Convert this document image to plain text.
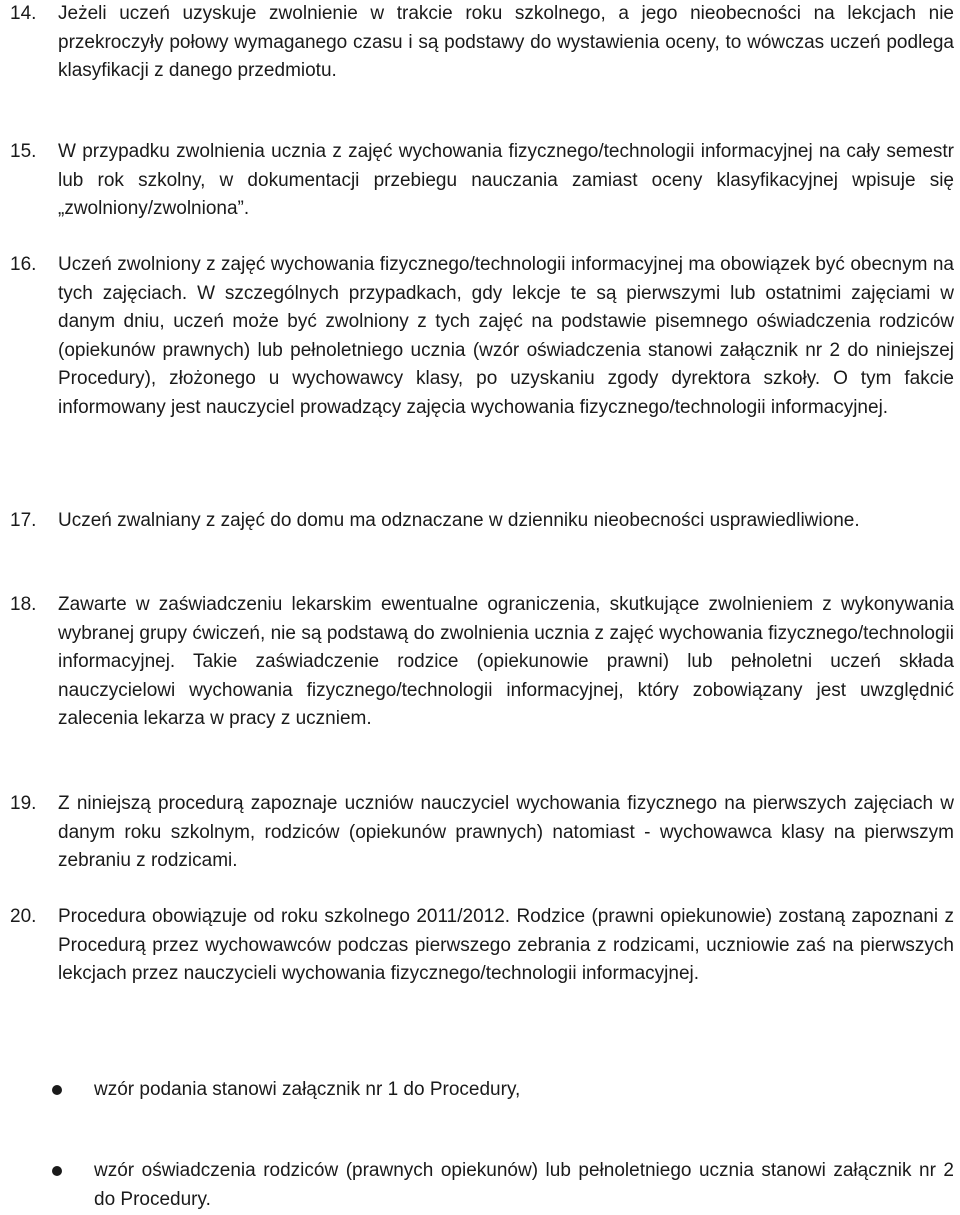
14. Jeżeli uczeń uzyskuje zwolnienie w trakcie roku szkolnego, a jego nieobecności na lekcjach nie przekroczyły połowy wymaganego czasu i są podstawy do wystawienia oceny, to wówczas uczeń podlega klasyfikacji z danego przedmiotu.

15. W przypadku zwolnienia ucznia z zajęć wychowania fizycznego/technologii informacyjnej na cały semestr lub rok szkolny, w dokumentacji przebiegu nauczania zamiast oceny klasyfikacyjnej wpisuje się „zwolniony/zwolniona”.

16. Uczeń zwolniony z zajęć wychowania fizycznego/technologii informacyjnej ma obowiązek być obecnym na tych zajęciach. W szczególnych przypadkach, gdy lekcje te są pierwszymi lub ostatnimi zajęciami w danym dniu, uczeń może być zwolniony z tych zajęć na podstawie pisemnego oświadczenia rodziców (opiekunów prawnych) lub pełnoletniego ucznia (wzór oświadczenia stanowi załącznik nr 2 do niniejszej Procedury), złożonego u wychowawcy klasy, po uzyskaniu zgody dyrektora szkoły. O tym fakcie informowany jest nauczyciel prowadzący zajęcia wychowania fizycznego/technologii informacyjnej.

17. Uczeń zwalniany z zajęć do domu ma odznaczane w dzienniku nieobecności usprawiedliwione.

18. Zawarte w zaświadczeniu lekarskim ewentualne ograniczenia, skutkujące zwolnieniem z wykonywania wybranej grupy ćwiczeń, nie są podstawą do zwolnienia ucznia z zajęć wychowania fizycznego/technologii informacyjnej. Takie zaświadczenie rodzice (opiekunowie prawni) lub pełnoletni uczeń składa nauczycielowi wychowania fizycznego/technologii informacyjnej, który zobowiązany jest uwzględnić zalecenia lekarza w pracy z uczniem.

19. Z niniejszą procedurą zapoznaje uczniów nauczyciel wychowania fizycznego na pierwszych zajęciach w danym roku szkolnym, rodziców (opiekunów prawnych) natomiast - wychowawca klasy na pierwszym zebraniu z rodzicami.

20. Procedura obowiązuje od roku szkolnego 2011/2012. Rodzice (prawni opiekunowie) zostaną zapoznani z Procedurą przez wychowawców podczas pierwszego zebrania z rodzicami, uczniowie zaś na pierwszych lekcjach przez nauczycieli wychowania fizycznego/technologii informacyjnej.

wzór podania stanowi załącznik nr 1 do Procedury,

wzór oświadczenia rodziców (prawnych opiekunów) lub pełnoletniego ucznia stanowi załącznik nr 2 do Procedury.
